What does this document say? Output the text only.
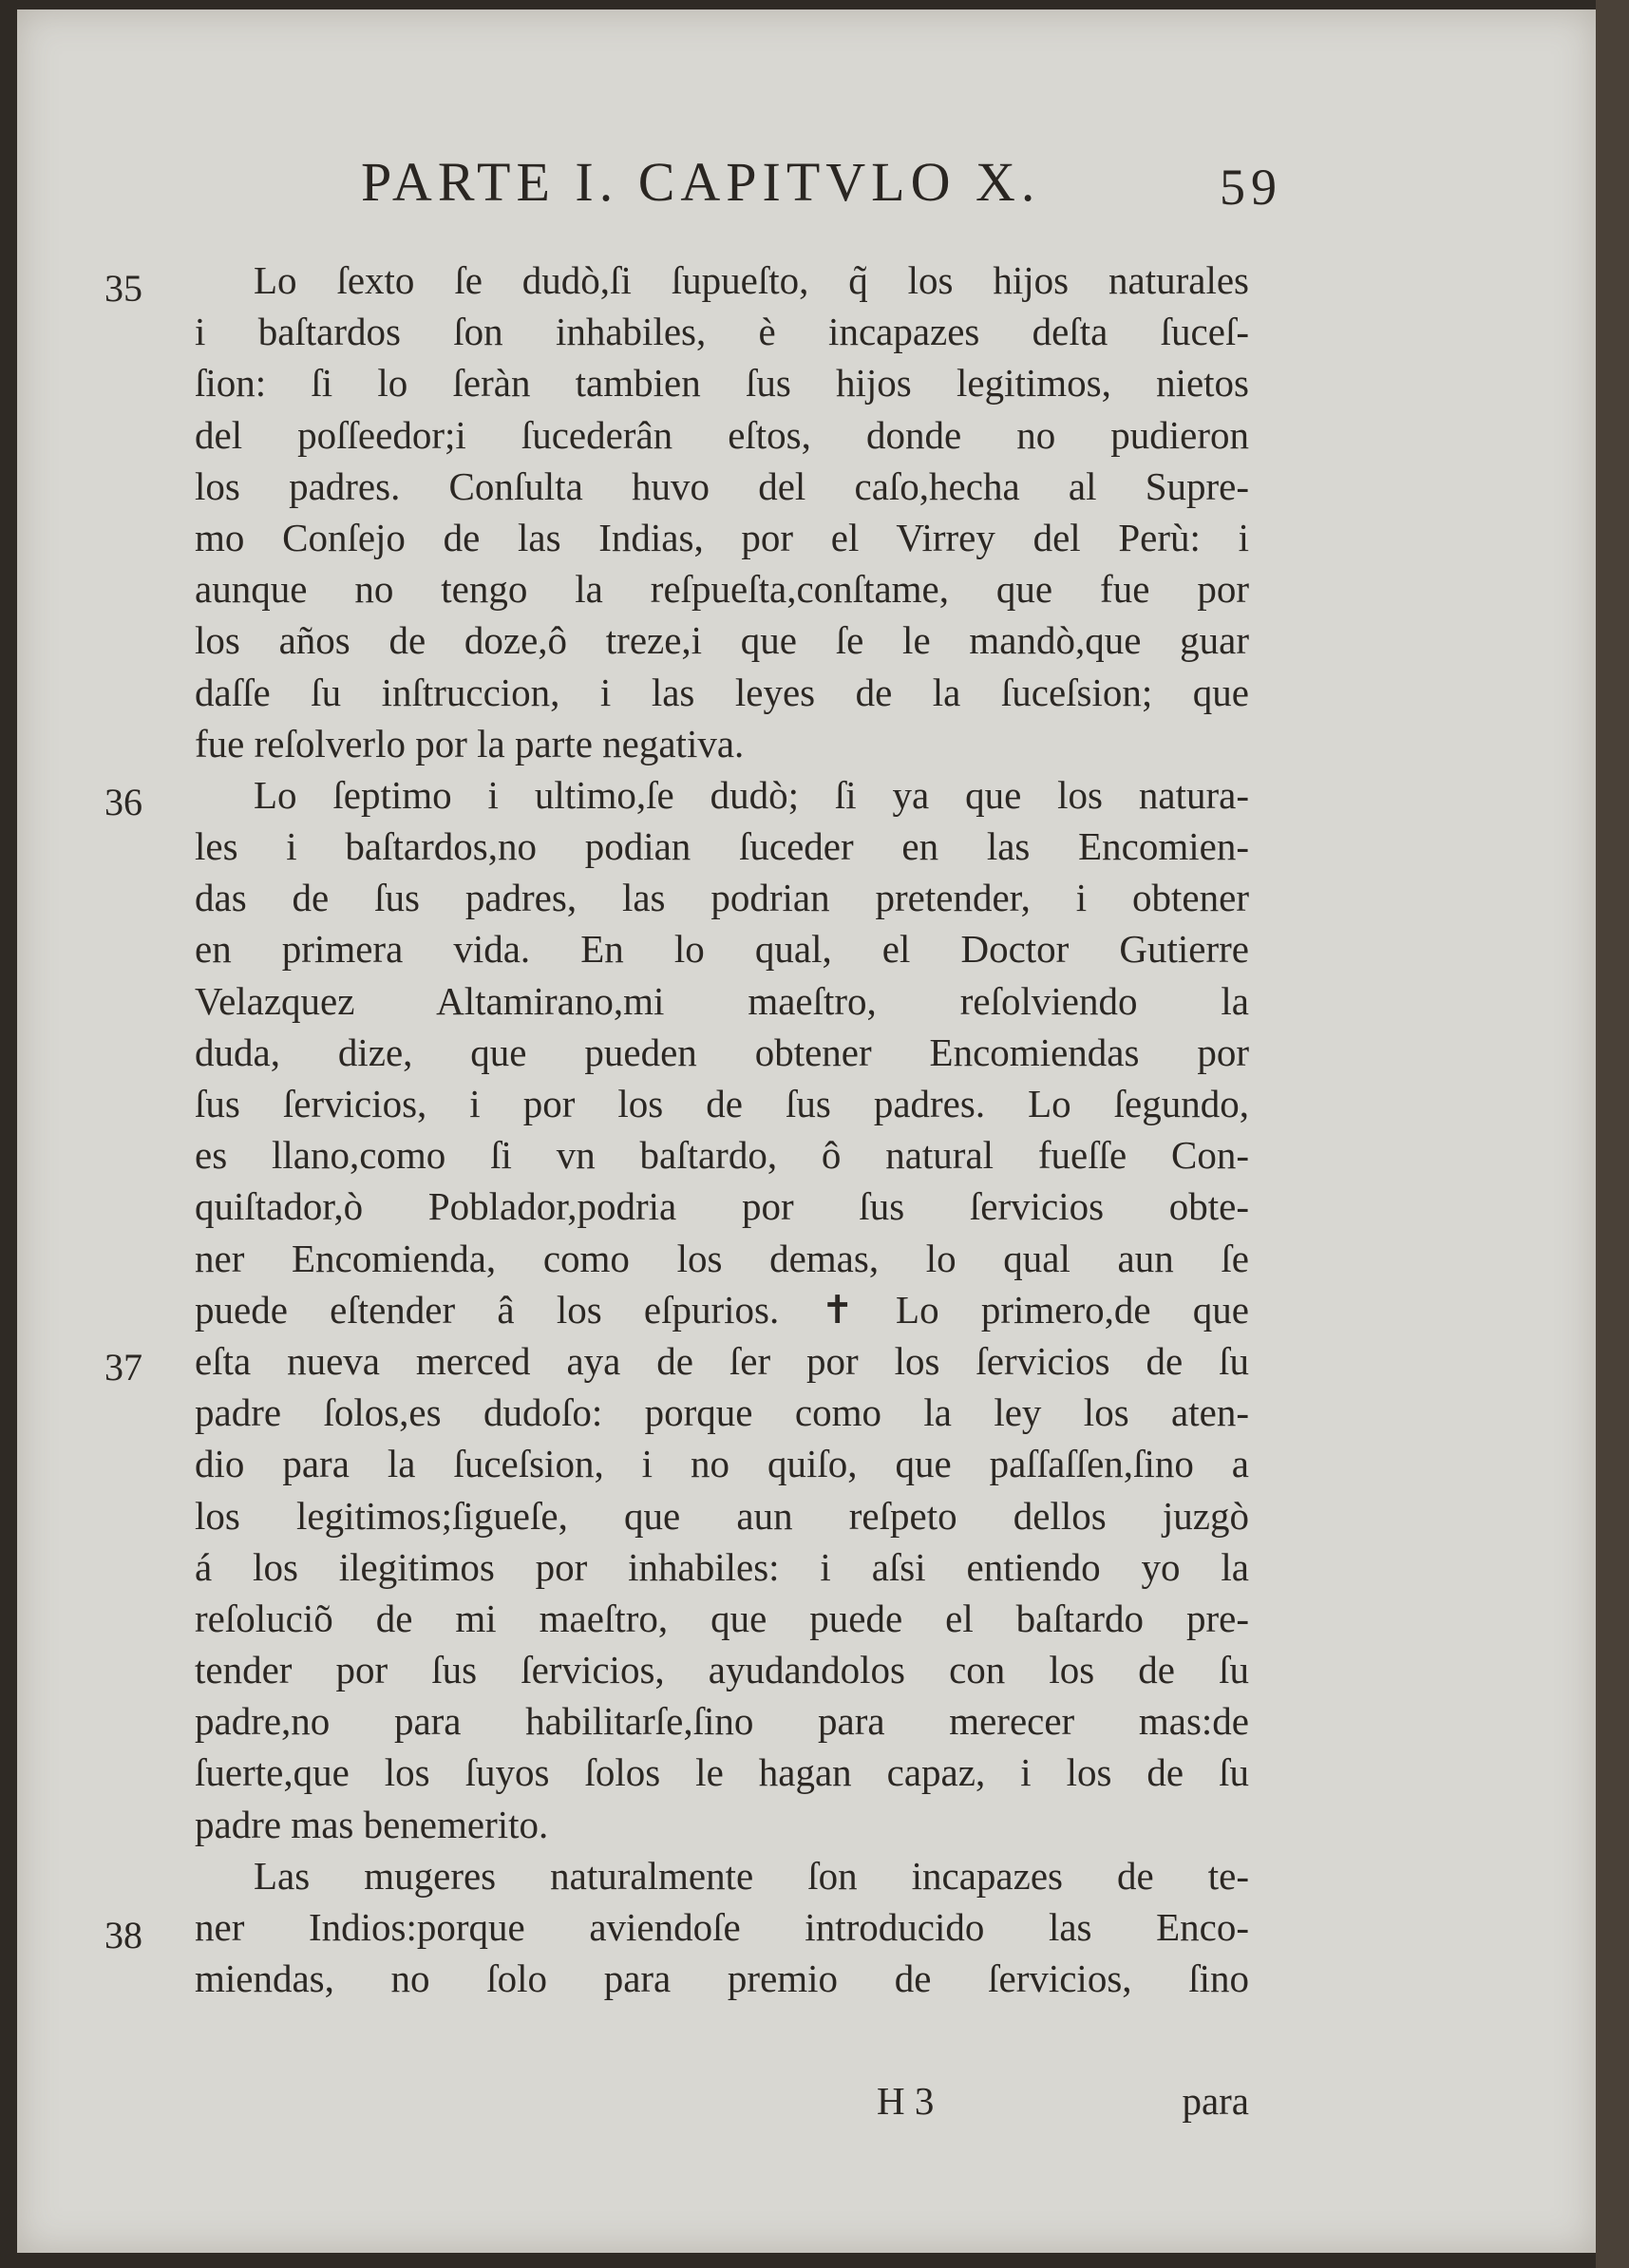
PARTE I. CAPITVLO X.	59
35
36
37
38
Lo ſexto ſe dudò,ſi ſupueſto, q̃ los hijos naturales
i baſtardos ſon inhabiles, è incapazes deſta ſuceſ-
ſion: ſi lo ſeràn tambien ſus hijos legitimos, nietos
del poſſeedor;i ſucederân eſtos, donde no pudieron
los padres. Conſulta huvo del caſo,hecha al Supre-
mo Conſejo de las Indias, por el Virrey del Perù: i
aunque no tengo la reſpueſta,conſtame, que fue por
los años de doze,ô treze,i que ſe le mandò,que guar
daſſe ſu inſtruccion, i las leyes de la ſuceſsion; que
fue reſolverlo por la parte negativa.
Lo ſeptimo i ultimo,ſe dudò; ſi ya que los natura-
les i baſtardos,no podian ſuceder en las Encomien-
das de ſus padres, las podrian pretender, i obtener
en primera vida. En lo qual, el Doctor Gutierre
Velazquez Altamirano,mi maeſtro, reſolviendo la
duda, dize, que pueden obtener Encomiendas por
ſus ſervicios, i por los de ſus padres. Lo ſegundo,
es llano,como ſi vn baſtardo, ô natural fueſſe Con-
quiſtador,ò Poblador,podria por ſus ſervicios obte-
ner Encomienda, como los demas, lo qual aun ſe
puede eſtender â los eſpurios. ✝ Lo primero,de que
eſta nueva merced aya de ſer por los ſervicios de ſu
padre ſolos,es dudoſo: porque como la ley los aten-
dio para la ſuceſsion, i no quiſo, que paſſaſſen,ſino a
los legitimos;ſigueſe, que aun reſpeto dellos juzgò
á los ilegitimos por inhabiles: i aſsi entiendo yo la
reſoluciõ de mi maeſtro, que puede el baſtardo pre-
tender por ſus ſervicios, ayudandolos con los de ſu
padre,no para habilitarſe,ſino para merecer mas:de
ſuerte,que los ſuyos ſolos le hagan capaz, i los de ſu
padre mas benemerito.
Las mugeres naturalmente ſon incapazes de te-
ner Indios:porque aviendoſe introducido las Enco-
miendas, no ſolo para premio de ſervicios, ſino
H 3	para
